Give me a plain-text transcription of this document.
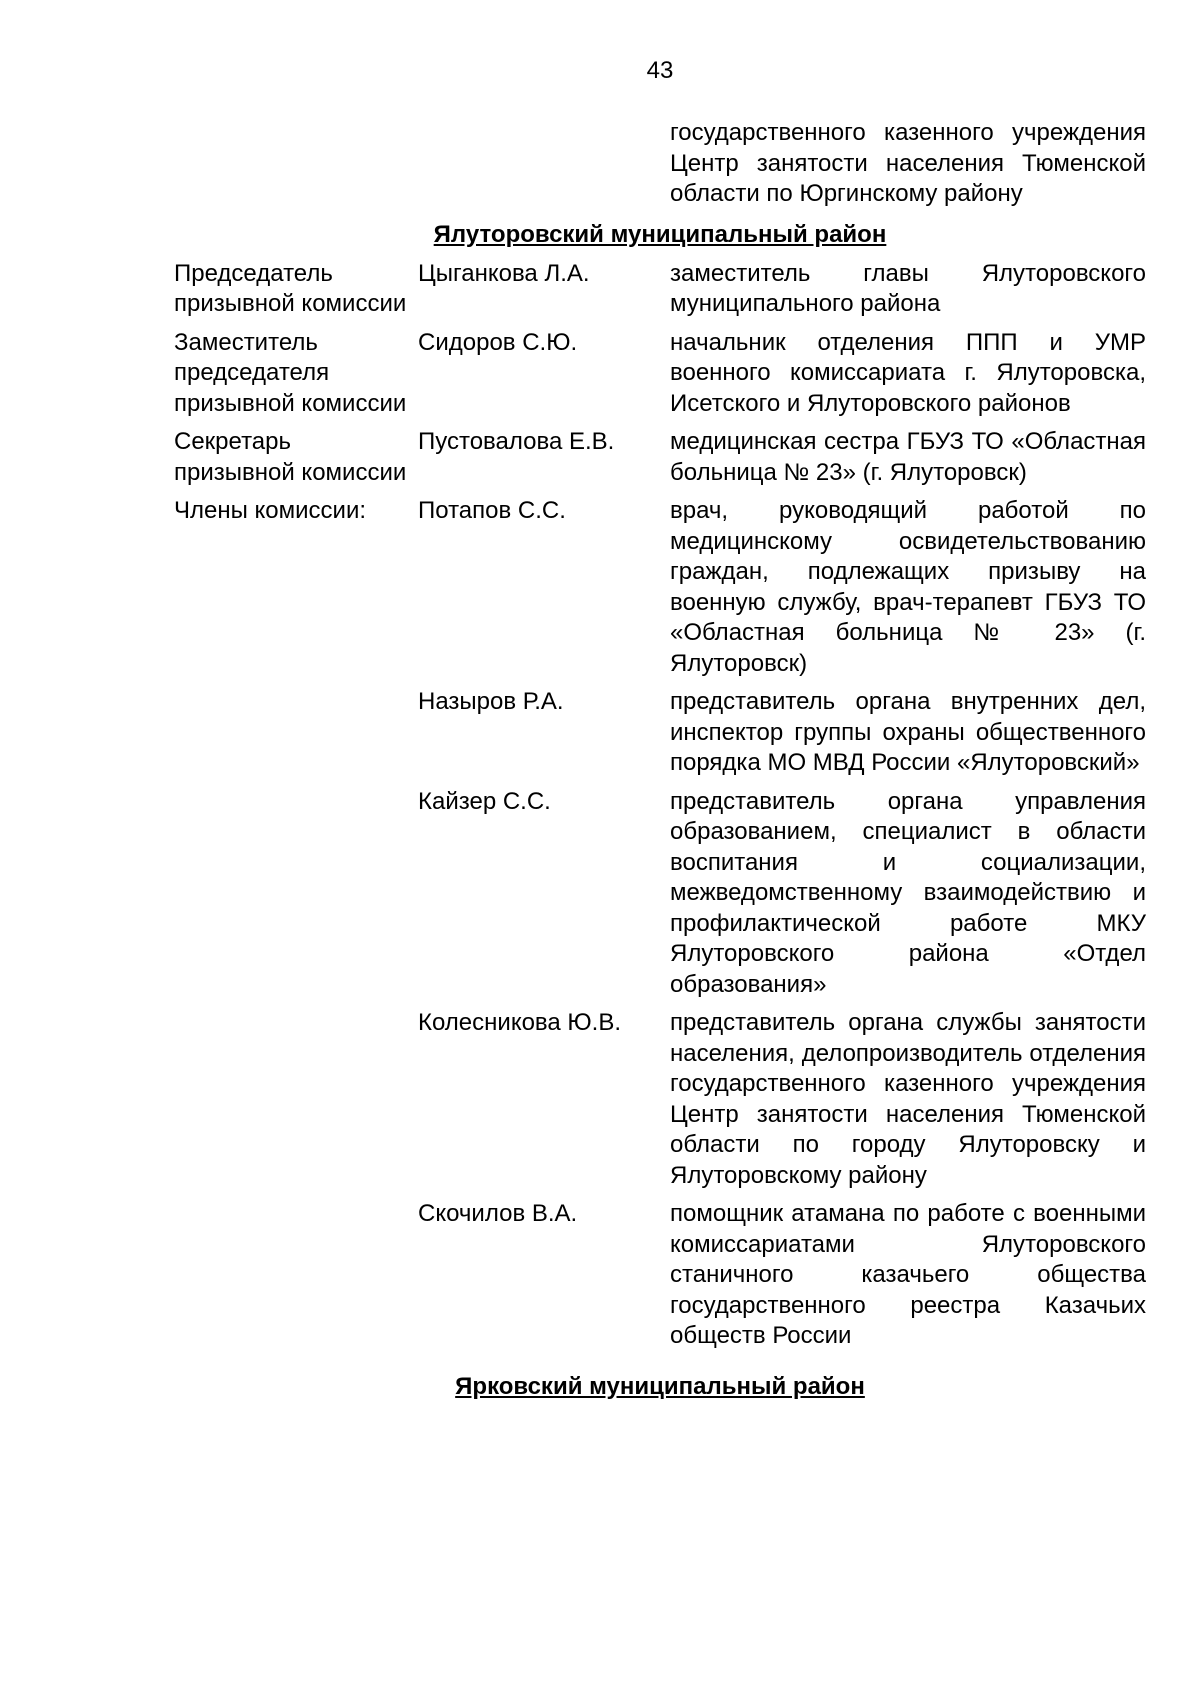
43
государственного казенного учреждения Центр занятости населения Тюменской области по Юргинскому району
Ялуторовский муниципальный район
Председатель призывной комиссии	Цыганкова Л.А.	заместитель главы Ялуторовского муниципального района
Заместитель председателя призывной комиссии	Сидоров С.Ю.	начальник отделения ППП и УМР военного комиссариата г. Ялуторовска, Исетского и Ялуторовского районов
Секретарь призывной комиссии	Пустовалова Е.В.	медицинская сестра ГБУЗ ТО «Областная больница № 23» (г. Ялуторовск)
Члены комиссии:	Потапов С.С.	врач, руководящий работой по медицинскому освидетельствованию граждан, подлежащих призыву на военную службу, врач-терапевт ГБУЗ ТО «Областная больница № 23» (г. Ялуторовск)
	Назыров Р.А.	представитель органа внутренних дел, инспектор группы охраны общественного порядка МО МВД России «Ялуторовский»
	Кайзер С.С.	представитель органа управления образованием, специалист в области воспитания и социализации, межведомственному взаимодействию и профилактической работе МКУ Ялуторовского района «Отдел образования»
	Колесникова Ю.В.	представитель органа службы занятости населения, делопроизводитель отделения государственного казенного учреждения Центр занятости населения Тюменской области по городу Ялуторовску и Ялуторовскому району
	Скочилов В.А.	помощник атамана по работе с военными комиссариатами Ялуторовского станичного казачьего общества государственного реестра Казачьих обществ России
Ярковский муниципальный район
